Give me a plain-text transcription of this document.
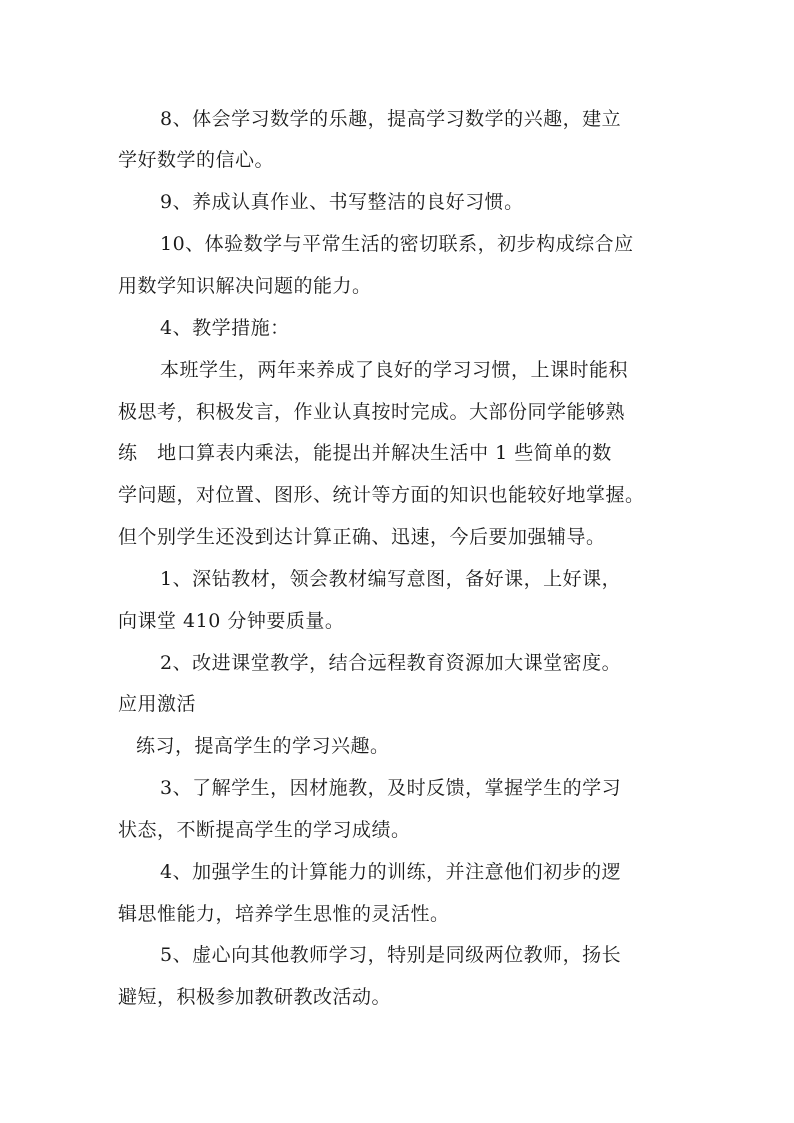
8、体会学习数学的乐趣，提高学习数学的兴趣，建立
学好数学的信心。
9、养成认真作业、书写整洁的良好习惯。
10、体验数学与平常生活的密切联系，初步构成综合应
用数学知识解决问题的能力。
4、教学措施：
本班学生，两年来养成了良好的学习习惯，上课时能积
极思考，积极发言，作业认真按时完成。大部份同学能够熟
练   地口算表内乘法，能提出并解决生活中 1 些简单的数
学问题，对位置、图形、统计等方面的知识也能较好地掌握。
但个别学生还没到达计算正确、迅速，今后要加强辅导。
1、深钻教材，领会教材编写意图，备好课，上好课，
向课堂 410 分钟要质量。
2、改进课堂教学，结合远程教育资源加大课堂密度。
应用激活
练习，提高学生的学习兴趣。
3、了解学生，因材施教，及时反馈，掌握学生的学习
状态，不断提高学生的学习成绩。
4、加强学生的计算能力的训练，并注意他们初步的逻
辑思惟能力，培养学生思惟的灵活性。
5、虚心向其他教师学习，特别是同级两位教师，扬长
避短，积极参加教研教改活动。
